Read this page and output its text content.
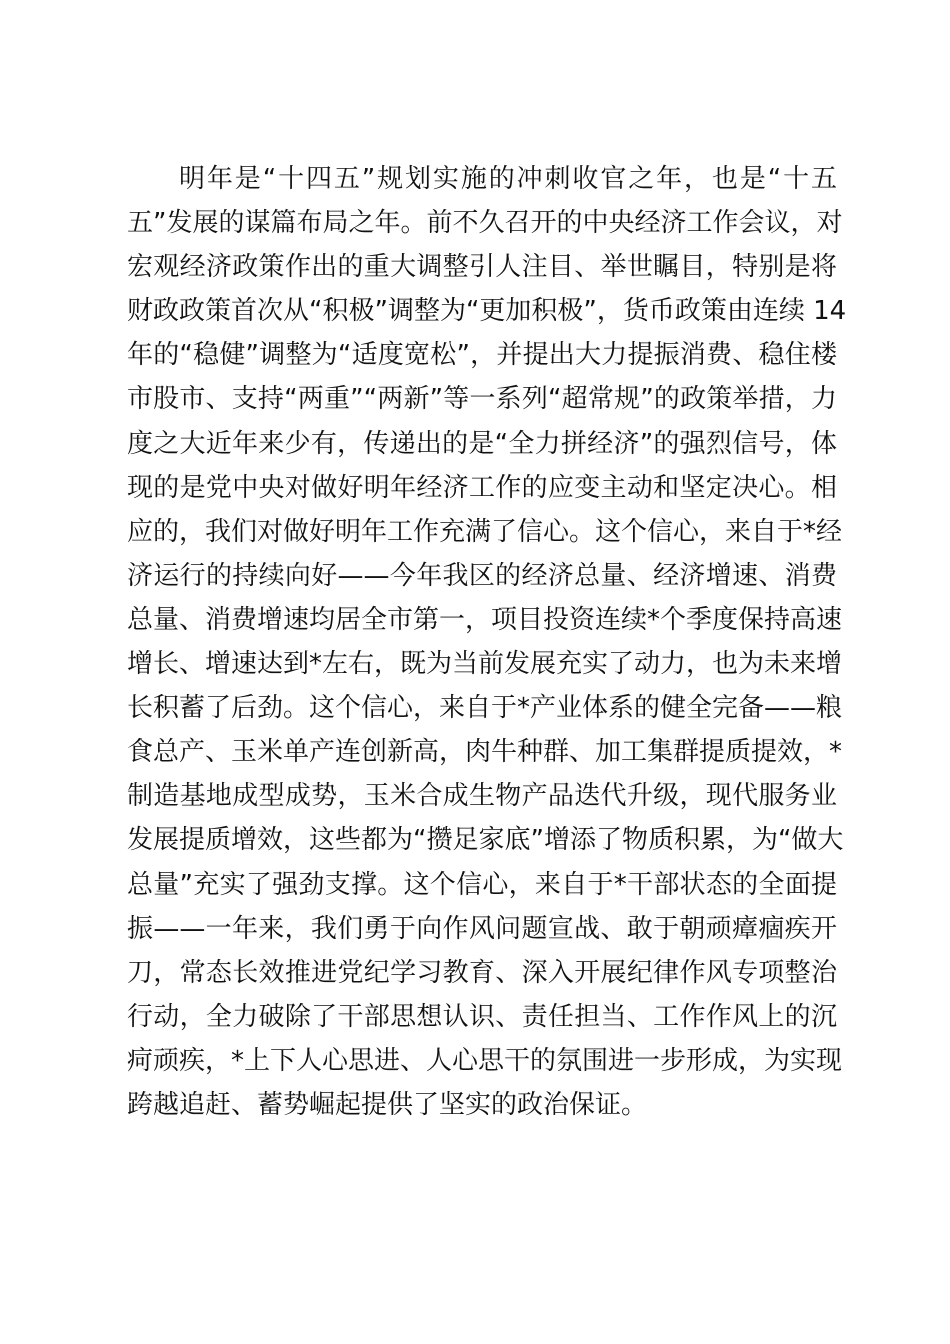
明年是“十四五”规划实施的冲刺收官之年，也是“十五
五”发展的谋篇布局之年。前不久召开的中央经济工作会议，对
宏观经济政策作出的重大调整引人注目、举世瞩目，特别是将
财政政策首次从“积极”调整为“更加积极”，货币政策由连续 14
年的“稳健”调整为“适度宽松”，并提出大力提振消费、稳住楼
市股市、支持“两重”“两新”等一系列“超常规”的政策举措，力
度之大近年来少有，传递出的是“全力拼经济”的强烈信号，体
现的是党中央对做好明年经济工作的应变主动和坚定决心。相
应的，我们对做好明年工作充满了信心。这个信心，来自于*经
济运行的持续向好——今年我区的经济总量、经济增速、消费
总量、消费增速均居全市第一，项目投资连续*个季度保持高速
增长、增速达到*左右，既为当前发展充实了动力，也为未来增
长积蓄了后劲。这个信心，来自于*产业体系的健全完备——粮
食总产、玉米单产连创新高，肉牛种群、加工集群提质提效，*
制造基地成型成势，玉米合成生物产品迭代升级，现代服务业
发展提质增效，这些都为“攒足家底”增添了物质积累，为“做大
总量”充实了强劲支撑。这个信心，来自于*干部状态的全面提
振——一年来，我们勇于向作风问题宣战、敢于朝顽瘴痼疾开
刀，常态长效推进党纪学习教育、深入开展纪律作风专项整治
行动，全力破除了干部思想认识、责任担当、工作作风上的沉
疴顽疾，*上下人心思进、人心思干的氛围进一步形成，为实现
跨越追赶、蓄势崛起提供了坚实的政治保证。
